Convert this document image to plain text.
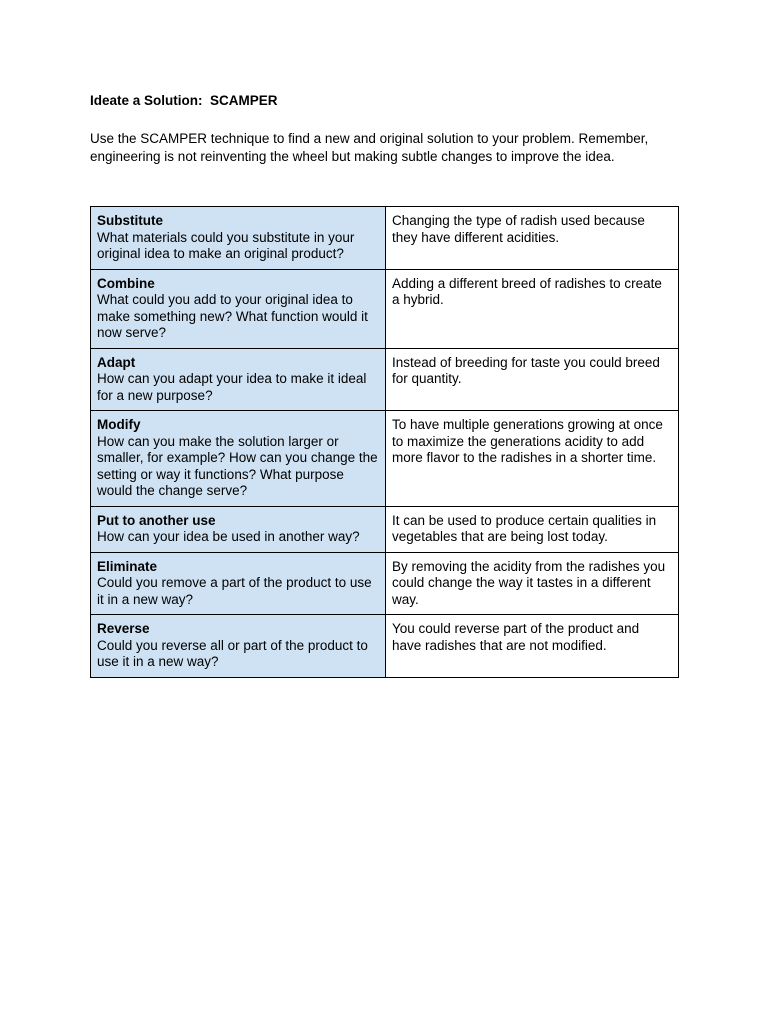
Ideate a Solution:  SCAMPER
Use the SCAMPER technique to find a new and original solution to your problem. Remember, engineering is not reinventing the wheel but making subtle changes to improve the idea.
Substitute
What materials could you substitute in your original idea to make an original product?	Changing the type of radish used because they have different acidities.

Combine
What could you add to your original idea to make something new? What function would it now serve?	Adding a different breed of radishes to create a hybrid.

Adapt
How can you adapt your idea to make it ideal for a new purpose?	Instead of breeding for taste you could breed for quantity.

Modify
How can you make the solution larger or smaller, for example? How can you change the setting or way it functions? What purpose would the change serve?	To have multiple generations growing at once to maximize the generations acidity to add more flavor to the radishes in a shorter time.

Put to another use
How can your idea be used in another way?	It can be used to produce certain qualities in vegetables that are being lost today.

Eliminate
Could you remove a part of the product to use it in a new way?	By removing the acidity from the radishes you could change the way it tastes in a different way.

Reverse
Could you reverse all or part of the product to use it in a new way?	You could reverse part of the product and have radishes that are not modified.
